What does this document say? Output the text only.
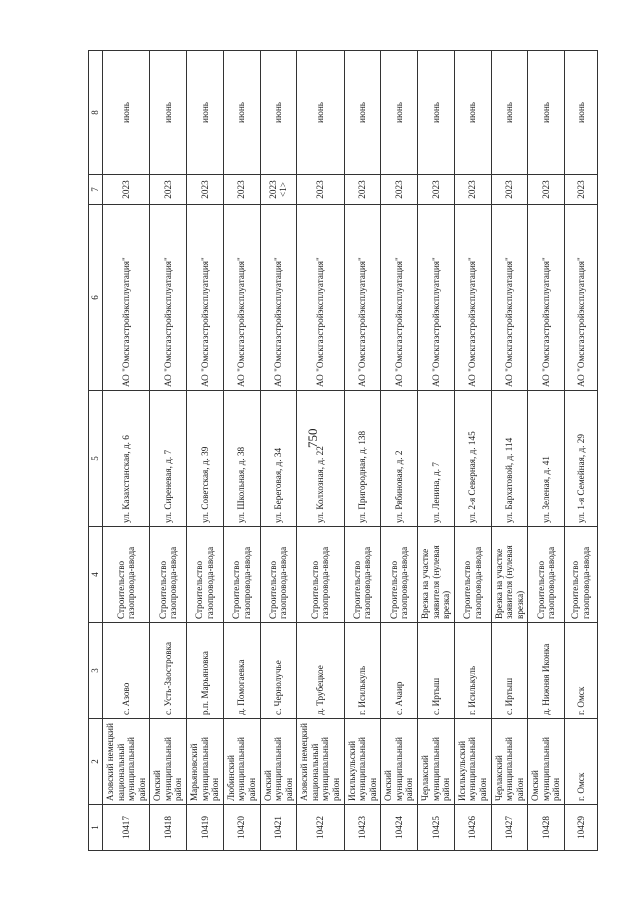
750
1	2	3	4	5	6	7	8
10417	Азовский немецкий национальный муниципальный район	с. Азово	Строительство газопровода-ввода	ул. Казахстанская, д. 6	АО "Омскгазстройэксплуатация"	2023	июнь
10418	Омский муниципальный район	с. Усть-Заостровка	Строительство газопровода-ввода	ул. Сиреневая, д. 7	АО "Омскгазстройэксплуатация"	2023	июнь
10419	Марьяновский муниципальный район	р.п. Марьяновка	Строительство газопровода-ввода	ул. Советская, д. 39	АО "Омскгазстройэксплуатация"	2023	июнь
10420	Любинский муниципальный район	д. Помогаевка	Строительство газопровода-ввода	ул. Школьная, д. 38	АО "Омскгазстройэксплуатация"	2023	июнь
10421	Омский муниципальный район	с. Чернолучье	Строительство газопровода-ввода	ул. Береговая, д. 34	АО "Омскгазстройэксплуатация"	2023 <1>	июнь
10422	Азовский немецкий национальный муниципальный район	д. Трубецкое	Строительство газопровода-ввода	ул. Колхозная, д. 22	АО "Омскгазстройэксплуатация"	2023	июнь
10423	Исилькульский муниципальный район	г. Исилькуль	Строительство газопровода-ввода	ул. Пригородная, д. 138	АО "Омскгазстройэксплуатация"	2023	июнь
10424	Омский муниципальный район	с. Ачаир	Строительство газопровода-ввода	ул. Рябиновая, д. 2	АО "Омскгазстройэксплуатация"	2023	июнь
10425	Черлакский муниципальный район	с. Иртыш	Врезка на участке заявителя (нулевая врезка)	ул. Ленина, д. 7	АО "Омскгазстройэксплуатация"	2023	июнь
10426	Исилькульский муниципальный район	г. Исилькуль	Строительство газопровода-ввода	ул. 2-я Северная, д. 145	АО "Омскгазстройэксплуатация"	2023	июнь
10427	Черлакский муниципальный район	с. Иртыш	Врезка на участке заявителя (нулевая врезка)	ул. Бархатовой, д. 114	АО "Омскгазстройэксплуатация"	2023	июнь
10428	Омский муниципальный район	д. Нижняя Иконка	Строительство газопровода-ввода	ул. Зеленая, д. 41	АО "Омскгазстройэксплуатация"	2023	июнь
10429	г. Омск	г. Омск	Строительство газопровода-ввода	ул. 1-я Семейная, д. 29	АО "Омскгазстройэксплуатация"	2023	июнь
